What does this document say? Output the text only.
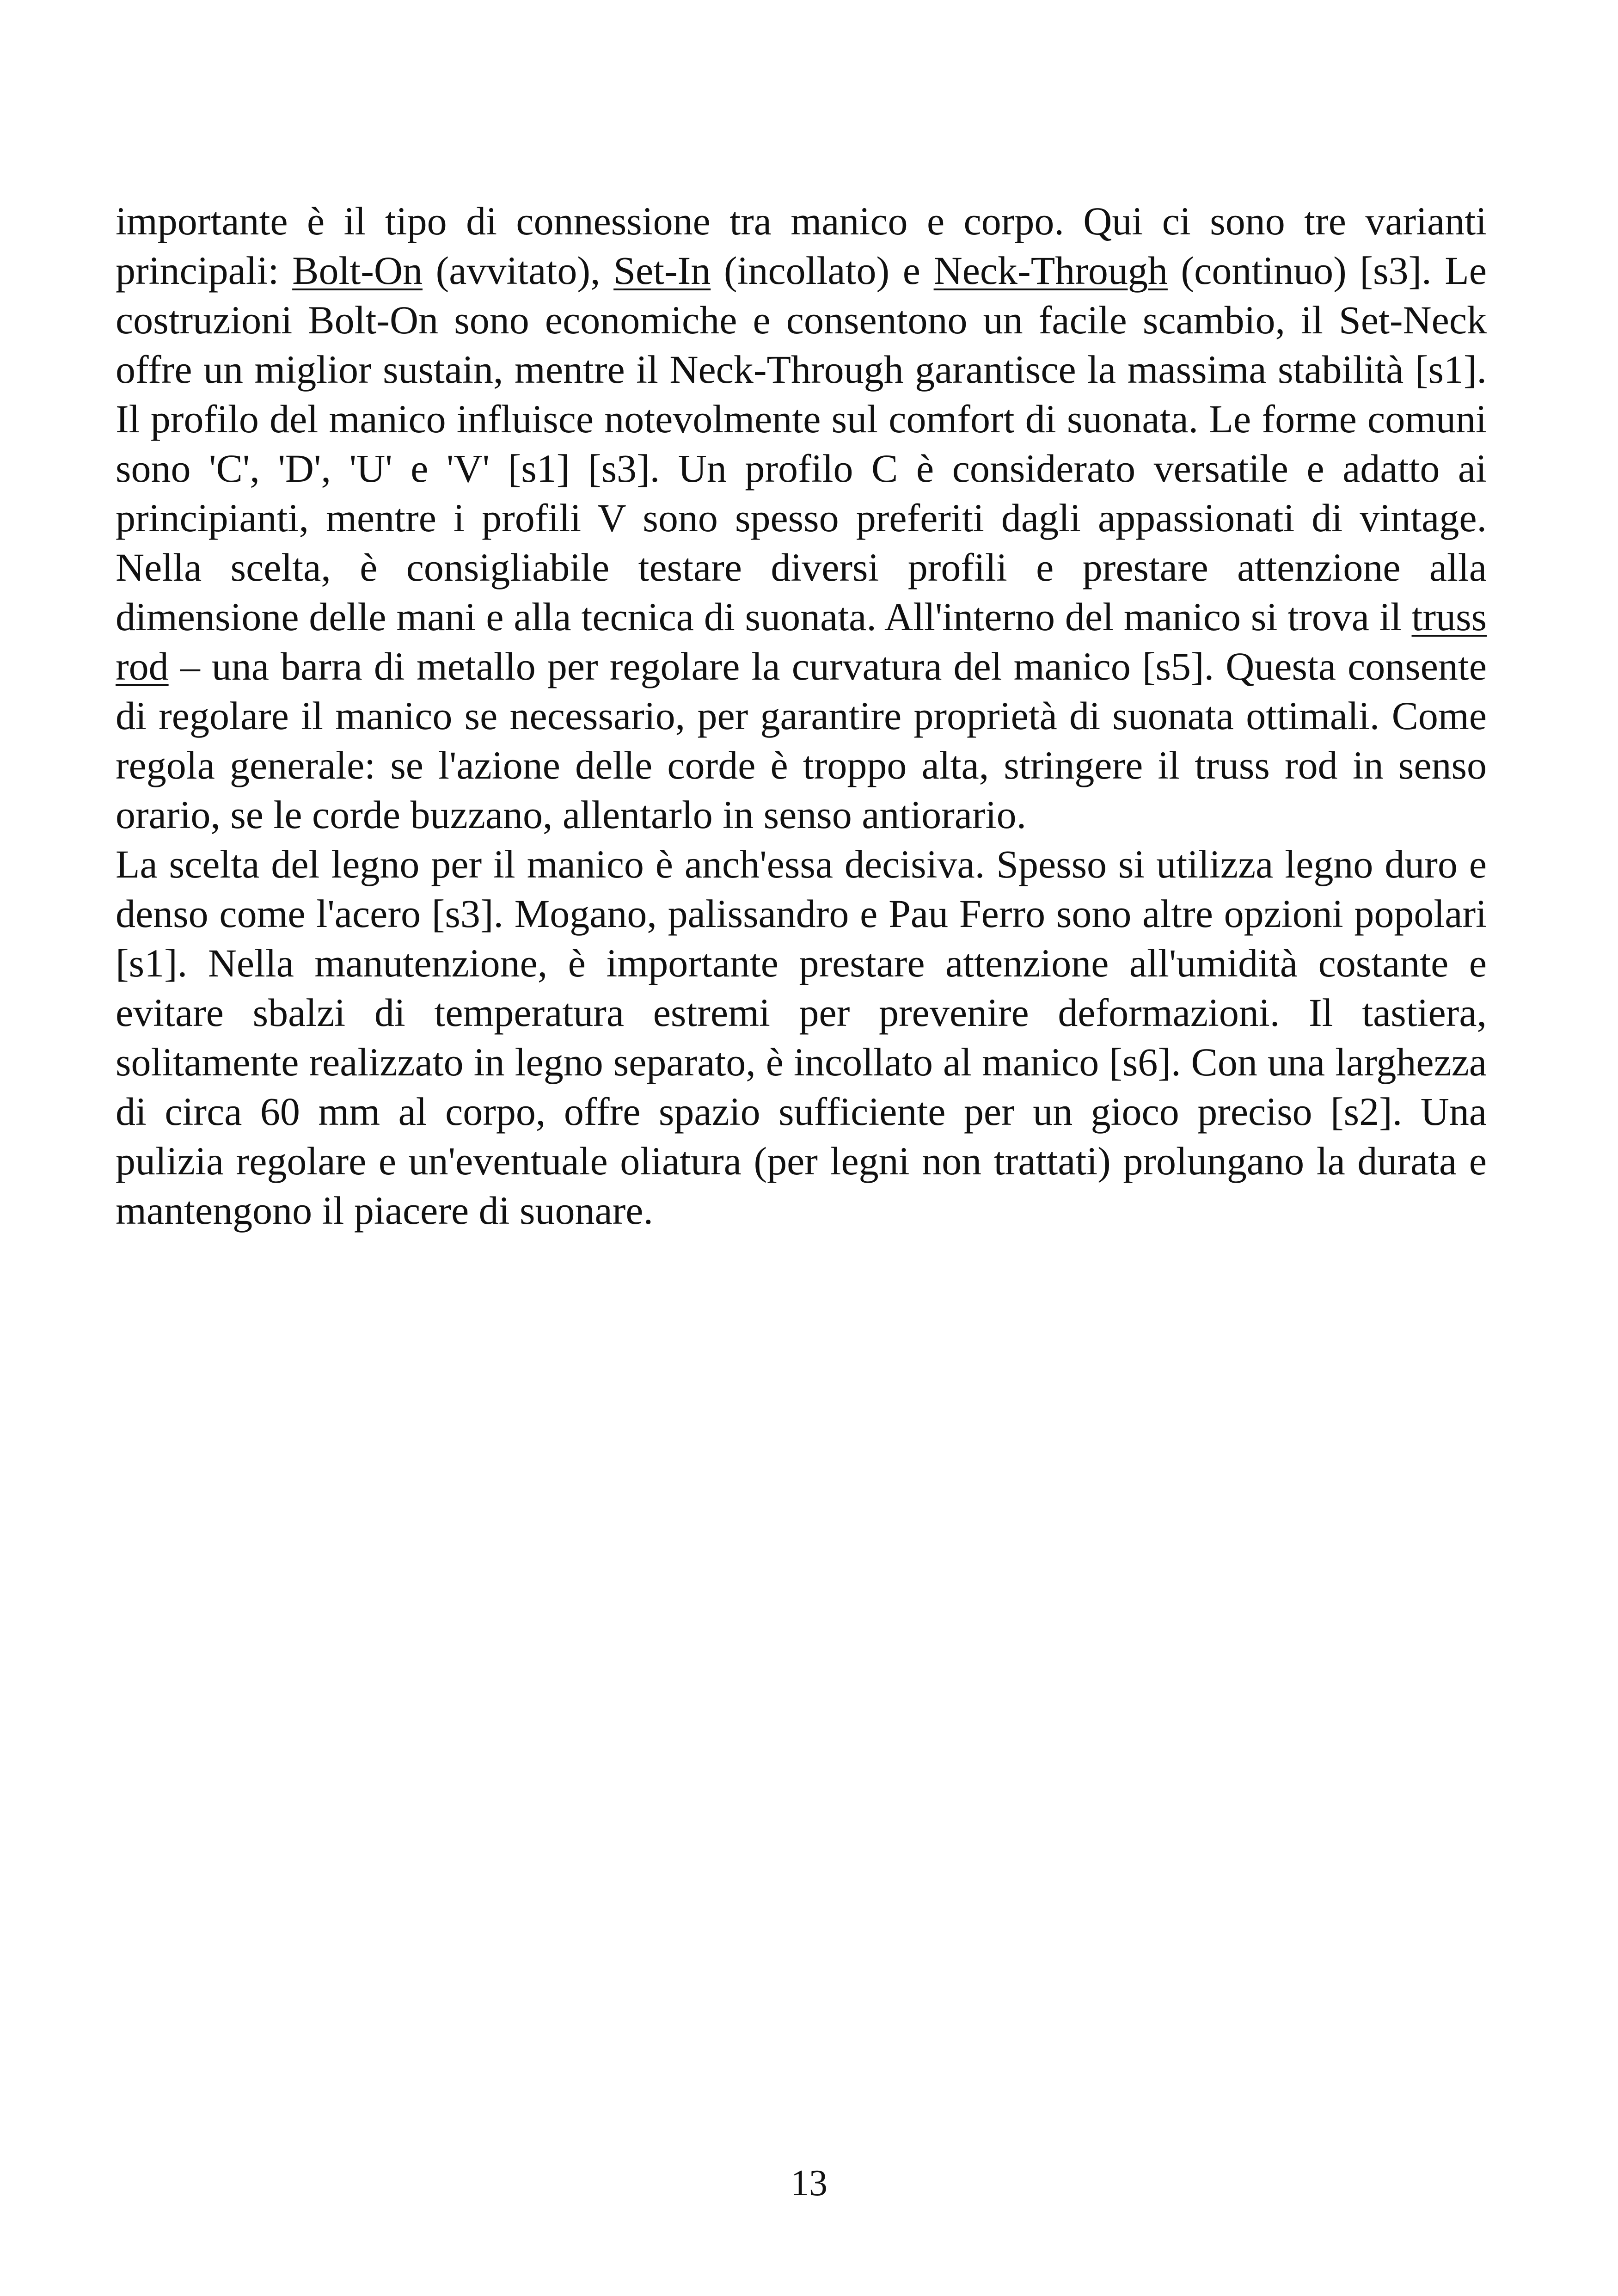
importante è il tipo di connessione tra manico e corpo. Qui ci sono tre varianti principali: Bolt-On (avvitato), Set-In (incollato) e Neck-Through (continuo) [s3]. Le costruzioni Bolt-On sono economiche e consentono un facile scambio, il Set-Neck offre un miglior sustain, mentre il Neck-Through garantisce la massima stabilità [s1]. Il profilo del manico influisce notevolmente sul comfort di suonata. Le forme comuni sono 'C', 'D', 'U' e 'V' [s1] [s3]. Un profilo C è considerato versatile e adatto ai principianti, mentre i profili V sono spesso preferiti dagli appassionati di vintage. Nella scelta, è consigliabile testare diversi profili e prestare attenzione alla dimensione delle mani e alla tecnica di suonata. All'interno del manico si trova il truss rod – una barra di metallo per regolare la curvatura del manico [s5]. Questa consente di regolare il manico se necessario, per garantire proprietà di suonata ottimali. Come regola generale: se l'azione delle corde è troppo alta, stringere il truss rod in senso orario, se le corde buzzano, allentarlo in senso antiorario.

La scelta del legno per il manico è anch'essa decisiva. Spesso si utilizza legno duro e denso come l'acero [s3]. Mogano, palissandro e Pau Ferro sono altre opzioni popolari [s1]. Nella manutenzione, è importante prestare attenzione all'umidità costante e evitare sbalzi di temperatura estremi per prevenire deformazioni. Il tastiera, solitamente realizzato in legno separato, è incollato al manico [s6]. Con una larghezza di circa 60 mm al corpo, offre spazio sufficiente per un gioco preciso [s2]. Una pulizia regolare e un'eventuale oliatura (per legni non trattati) prolungano la durata e mantengono il piacere di suonare.

13
